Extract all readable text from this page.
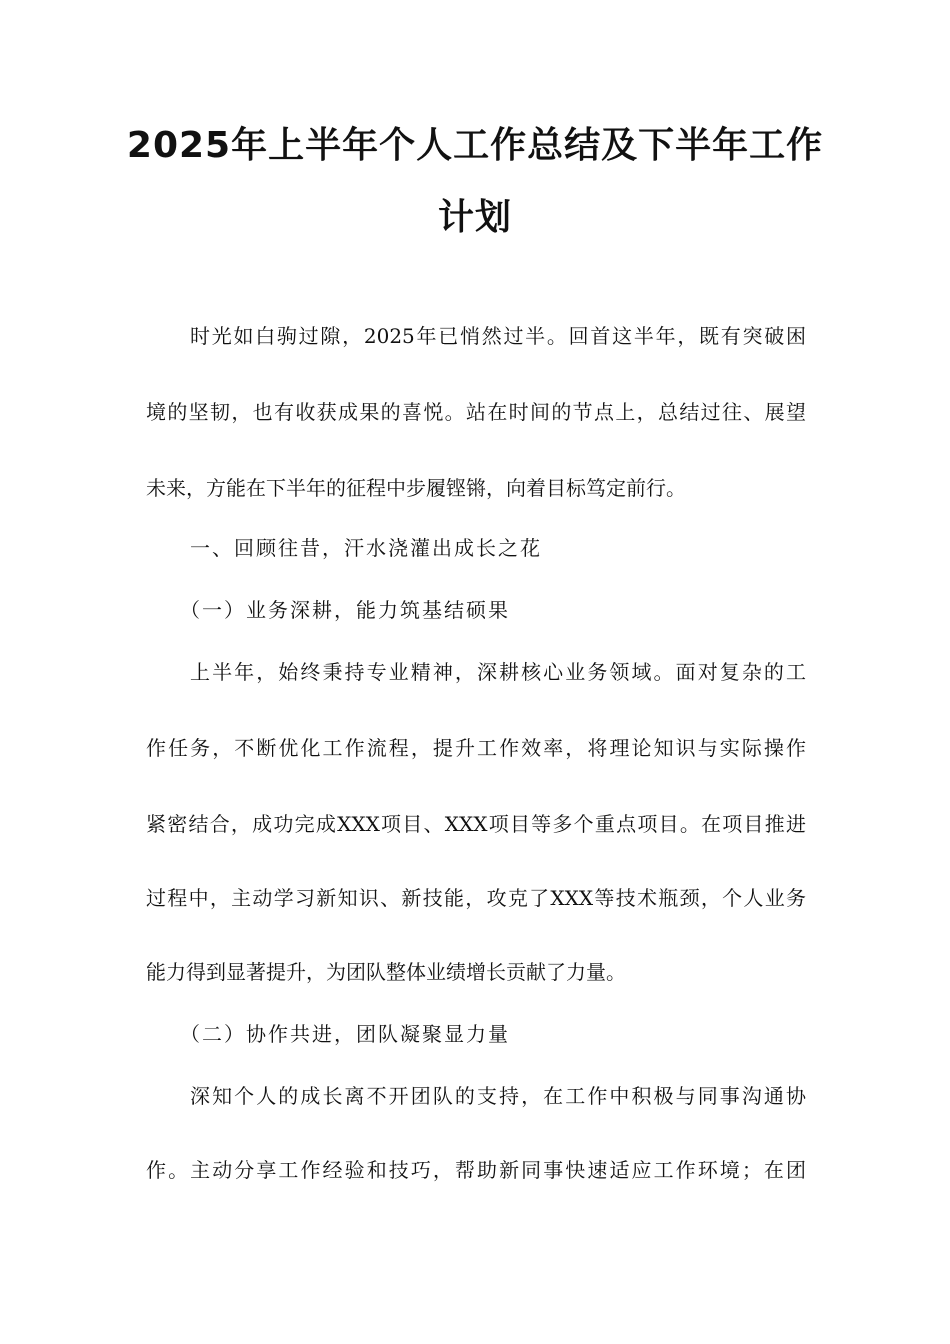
2025年上半年个人工作总结及下半年工作
计划
时光如白驹过隙，2025年已悄然过半。回首这半年，既有突破困
境的坚韧，也有收获成果的喜悦。站在时间的节点上，总结过往、展望
未来，方能在下半年的征程中步履铿锵，向着目标笃定前行。
一、回顾往昔，汗水浇灌出成长之花
（一）业务深耕，能力筑基结硕果
上半年，始终秉持专业精神，深耕核心业务领域。面对复杂的工
作任务，不断优化工作流程，提升工作效率，将理论知识与实际操作
紧密结合，成功完成XXX项目、XXX项目等多个重点项目。在项目推进
过程中，主动学习新知识、新技能，攻克了XXX等技术瓶颈，个人业务
能力得到显著提升，为团队整体业绩增长贡献了力量。
（二）协作共进，团队凝聚显力量
深知个人的成长离不开团队的支持，在工作中积极与同事沟通协
作。主动分享工作经验和技巧，帮助新同事快速适应工作环境；在团
